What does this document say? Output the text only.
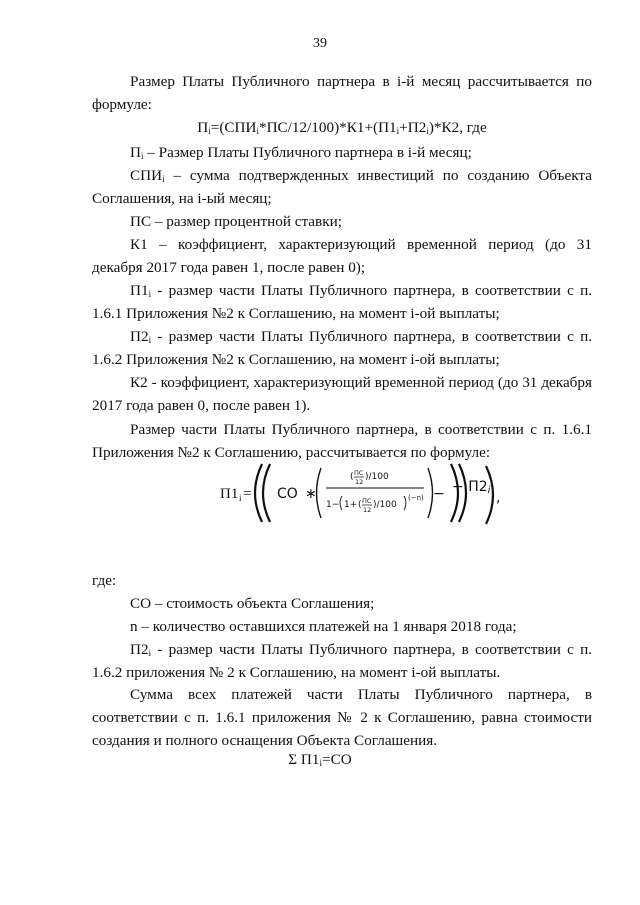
39
Размер Платы Публичного партнера в i-й месяц рассчитывается по формуле:
$П_i=(СПИ_i*ПС/12/100)*К1+(П1_i+П2_i)*К2$, где
$П_i$ – Размер Платы Публичного партнера в i-й месяц;
$СПИ_i$ – сумма подтвержденных инвестиций по созданию Объекта Соглашения, на i-ый месяц;
ПС – размер процентной ставки;
К1 – коэффициент, характеризующий временной период (до 31 декабря 2017 года равен 1, после равен 0);
$П1_i$ - размер части Платы Публичного партнера, в соответствии с п. 1.6.1 Приложения №2 к Соглашению, на момент i-ой выплаты;
$П2_i$ - размер части Платы Публичного партнера, в соответствии с п. 1.6.2 Приложения №2 к Соглашению, на момент i-ой выплаты;
К2 - коэффициент, характеризующий временной период (до 31 декабря 2017 года равен 0, после равен 1).
Размер части Платы Публичного партнера, в соответствии с п. 1.6.1 Приложения №2 к Соглашению, рассчитывается по формуле:
П1 i = СО ∗
( ПС
12 )/100
1− 1+ ( ПС
12 )/100
(−n) − − $П2_i$ ,
где:
СО – стоимость объекта Соглашения;
n – количество оставшихся платежей на 1 января 2018 года;
$П2_i$ - размер части Платы Публичного партнера, в соответствии с п. 1.6.2 приложения № 2 к Соглашению, на момент i-ой выплаты.
Сумма всех платежей части Платы Публичного партнера, в соответствии с п. 1.6.1 приложения № 2 к Соглашению, равна стоимости создания и полного оснащения Объекта Соглашения.
Σ $П1_i=СО$
